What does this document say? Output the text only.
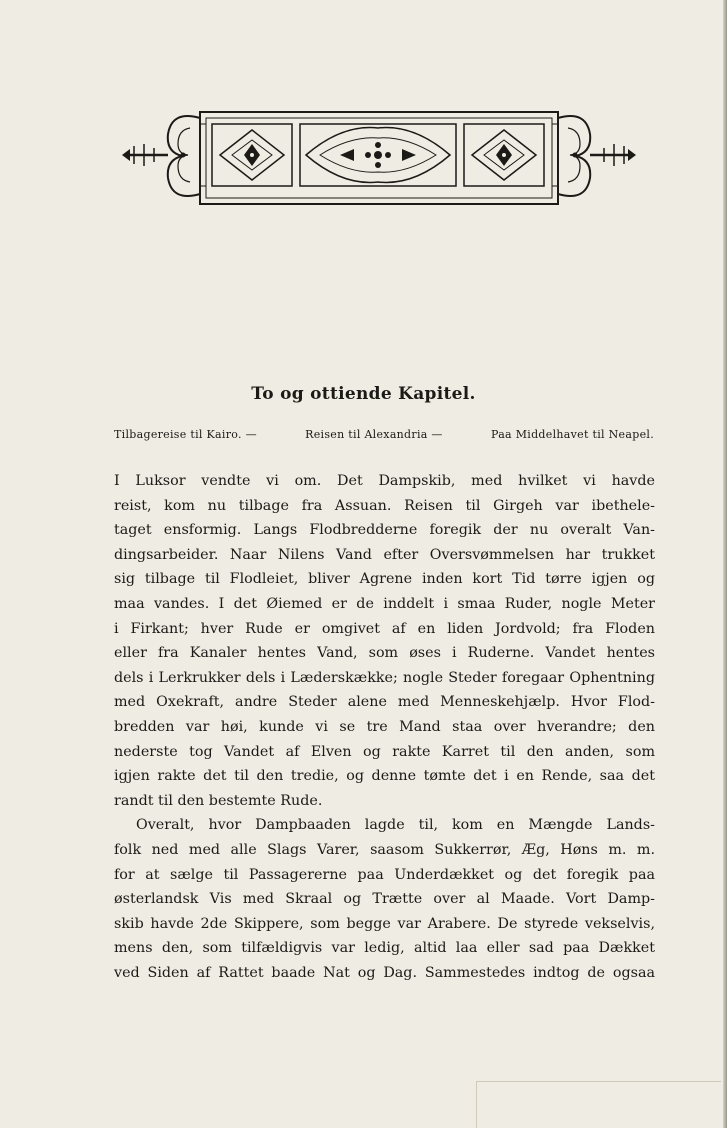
To og ottiende Kapitel.
Tilbagereise til Kairo. —	Reisen til Alexandria —	Paa Middelhavet til Neapel.
I Luksor vendte vi om. Det Dampskib, med hvilket vi havde
reist, kom nu tilbage fra Assuan. Reisen til Girgeh var ibethele-
taget ensformig. Langs Flodbredderne foregik der nu overalt Van-
dingsarbeider. Naar Nilens Vand efter Oversvømmelsen har trukket
sig tilbage til Flodleiet, bliver Agrene inden kort Tid tørre igjen og
maa vandes. I det Øiemed er de inddelt i smaa Ruder, nogle Meter
i Firkant; hver Rude er omgivet af en liden Jordvold; fra Floden
eller fra Kanaler hentes Vand, som øses i Ruderne. Vandet hentes
dels i Lerkrukker dels i Læderskække; nogle Steder foregaar Ophentning
med Oxekraft, andre Steder alene med Menneskehjælp. Hvor Flod-
bredden var høi, kunde vi se tre Mand staa over hverandre; den
nederste tog Vandet af Elven og rakte Karret til den anden, som
igjen rakte det til den tredie, og denne tømte det i en Rende, saa det
randt til den bestemte Rude.
Overalt, hvor Dampbaaden lagde til, kom en Mængde Lands-
folk ned med alle Slags Varer, saasom Sukkerrør, Æg, Høns m. m.
for at sælge til Passagererne paa Underdækket og det foregik paa
østerlandsk Vis med Skraal og Trætte over al Maade. Vort Damp-
skib havde 2de Skippere, som begge var Arabere. De styrede vekselvis,
mens den, som tilfældigvis var ledig, altid laa eller sad paa Dækket
ved Siden af Rattet baade Nat og Dag. Sammestedes indtog de ogsaa
